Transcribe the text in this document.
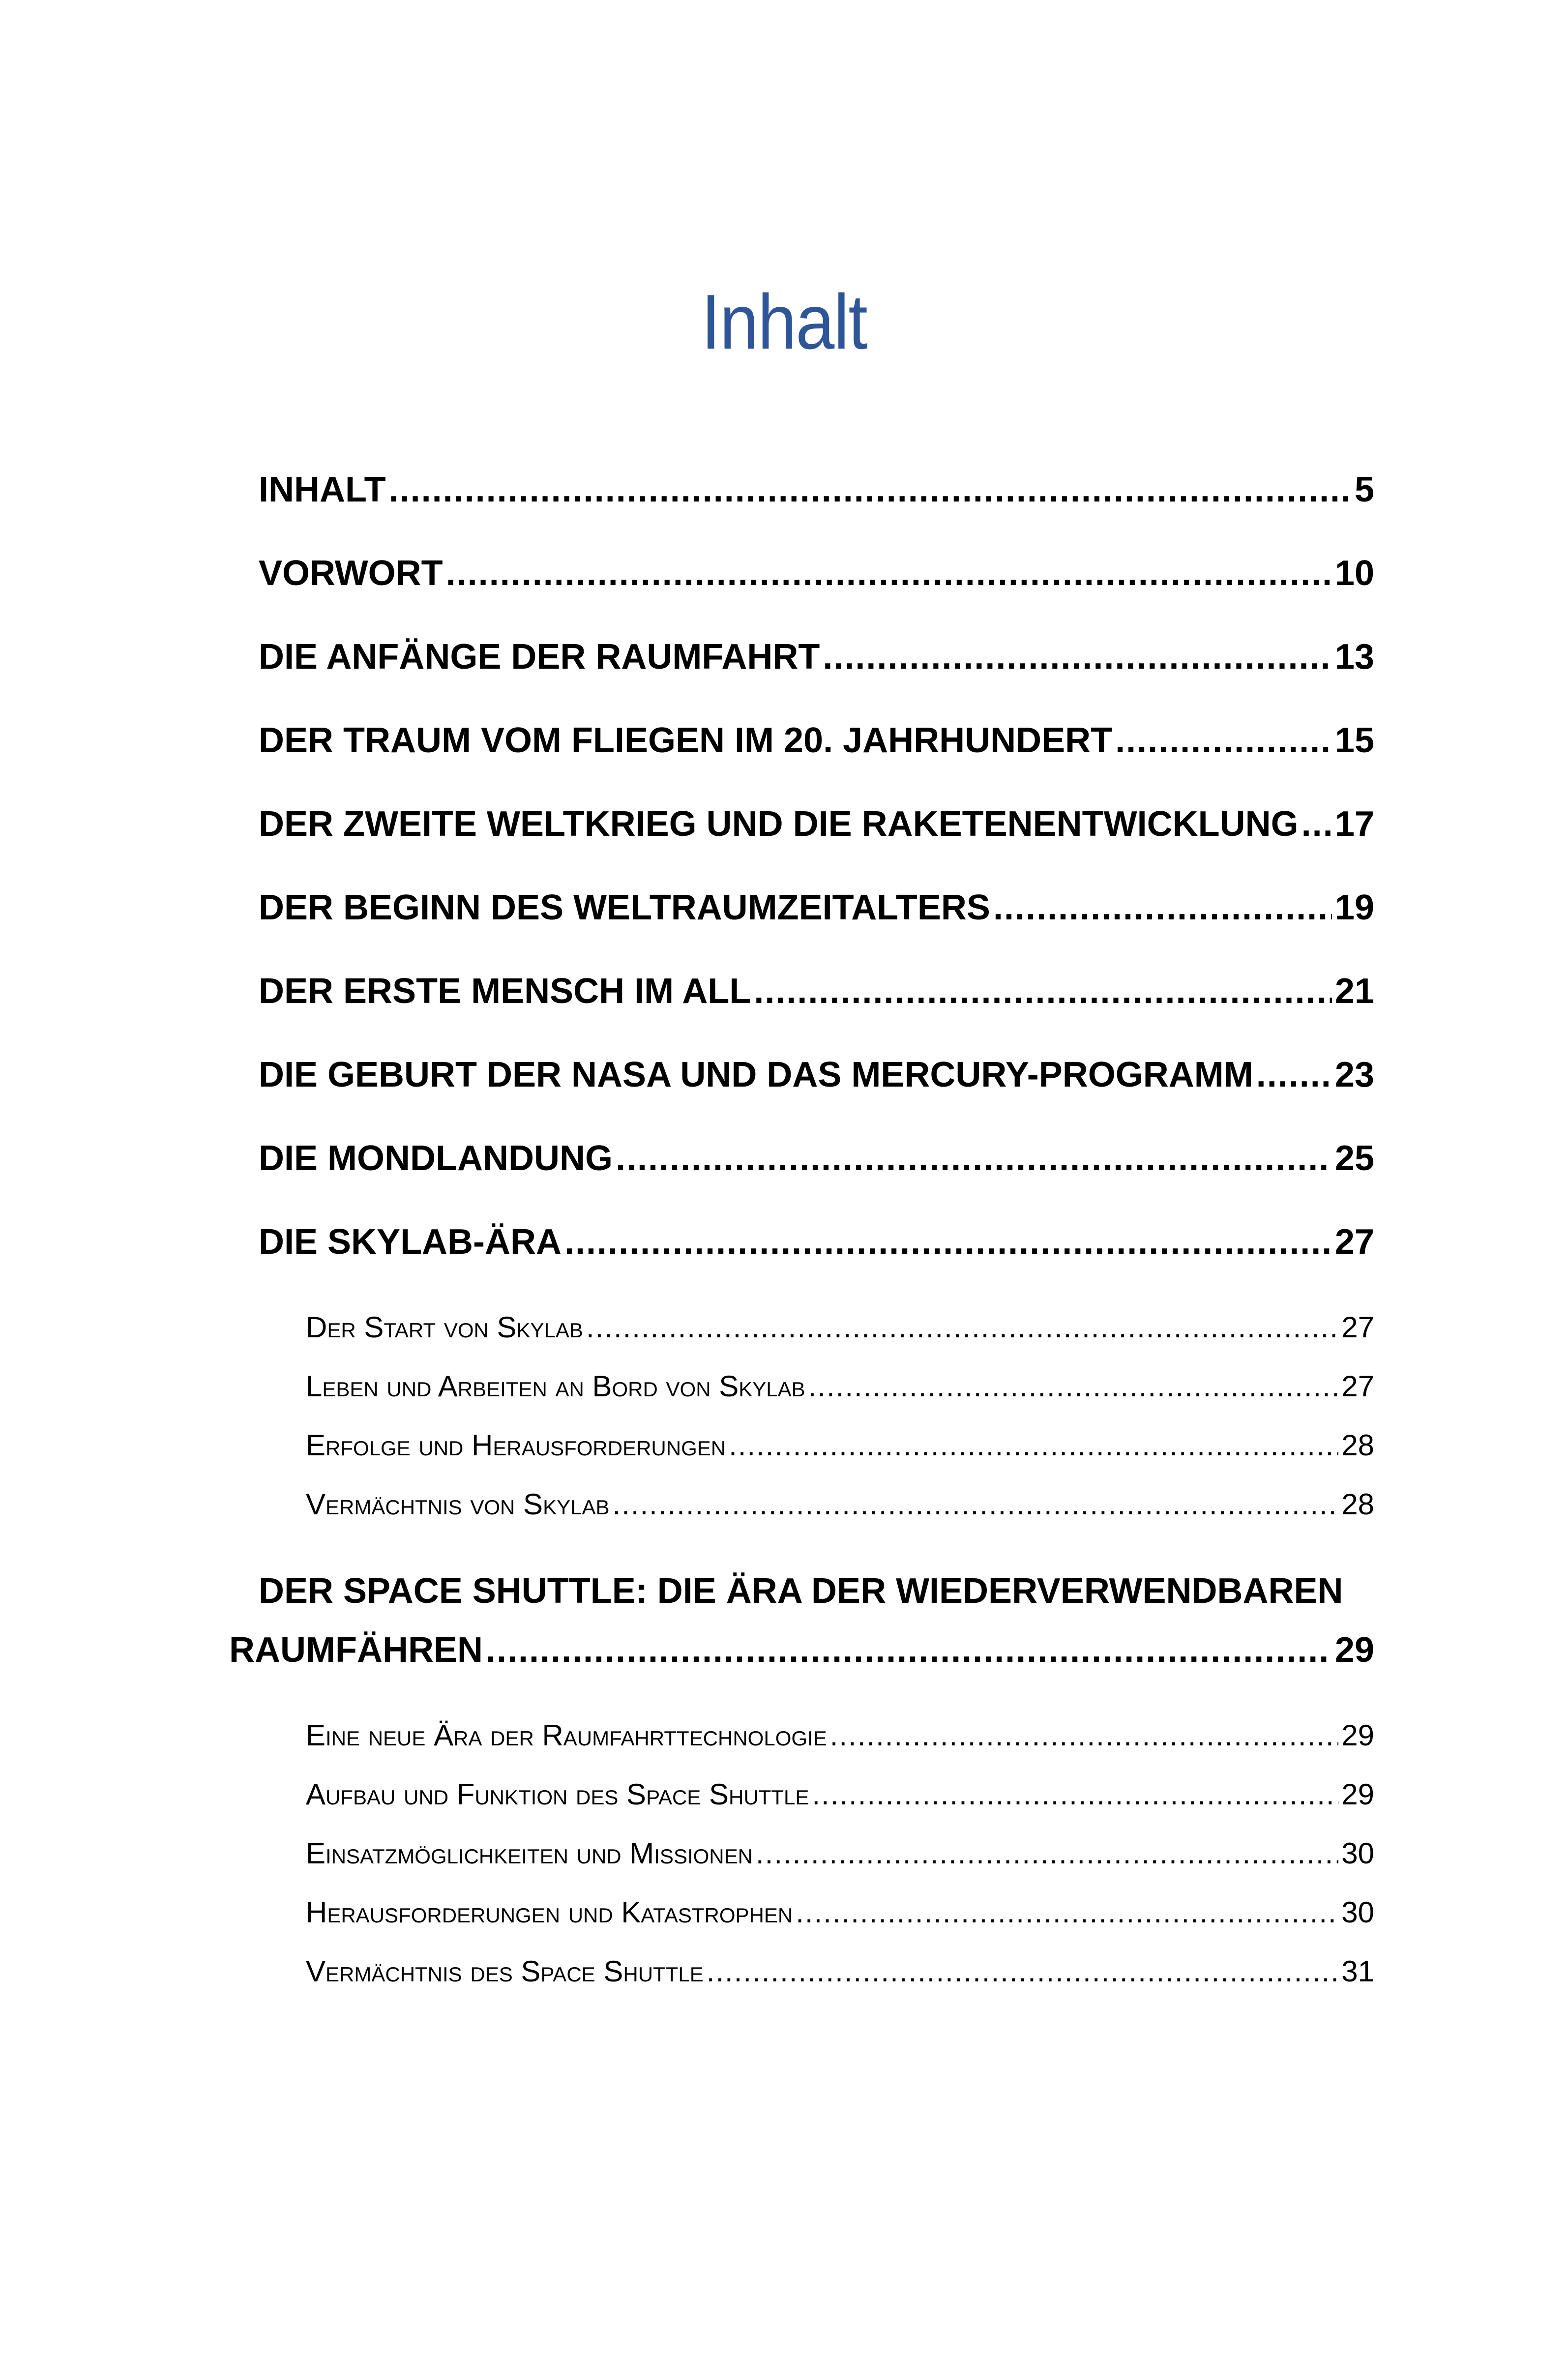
Inhalt
INHALT .....	5
VORWORT .....	10
DIE ANFÄNGE DER RAUMFAHRT .....	13
DER TRAUM VOM FLIEGEN IM 20. JAHRHUNDERT .....	15
DER ZWEITE WELTKRIEG UND DIE RAKETENENTWICKLUNG ..... 17
DER BEGINN DES WELTRAUMZEITALTERS .....	19
DER ERSTE MENSCH IM ALL .....	21
DIE GEBURT DER NASA UND DAS MERCURY-PROGRAMM ..... 23
DIE MONDLANDUNG .....	25
DIE SKYLAB-ÄRA .....	27
Der Start von Skylab .....	27
Leben und Arbeiten an Bord von Skylab .....	27
Erfolge und Herausforderungen .....	28
Vermächtnis von Skylab .....	28
DER SPACE SHUTTLE: DIE ÄRA DER WIEDERVERWENDBAREN
RAUMFÄHREN .....	29
Eine neue Ära der Raumfahrttechnologie .....	29
Aufbau und Funktion des Space Shuttle .....	29
Einsatzmöglichkeiten und Missionen .....	30
Herausforderungen und Katastrophen .....	30
Vermächtnis des Space Shuttle .....	31
